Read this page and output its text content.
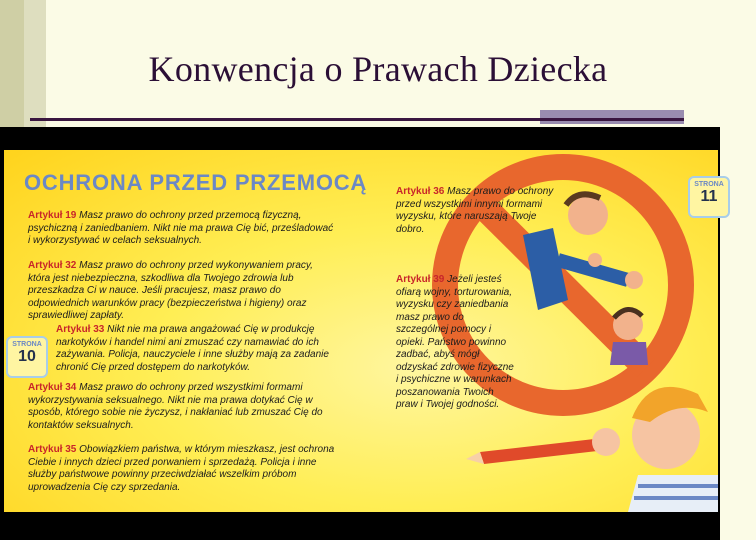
Konwencja o Prawach Dziecka
OCHRONA PRZED PRZEMOCĄ	STRONA
11
STRONA
10
Artykuł 19 Masz prawo do ochrony przed przemocą fizyczną, psychiczną i zaniedbaniem. Nikt nie ma prawa Cię bić, prześladować i wykorzystywać w celach seksualnych.
Artykuł 32 Masz prawo do ochrony przed wykonywaniem pracy, która jest niebezpieczna, szkodliwa dla Twojego zdrowia lub przeszkadza Ci w nauce. Jeśli pracujesz, masz prawo do odpowiednich warunków pracy (bezpieczeństwa i higieny) oraz sprawiedliwej zapłaty.
Artykuł 33 Nikt nie ma prawa angażować Cię w produkcję narkotyków i handel nimi ani zmuszać czy namawiać do ich zażywania. Policja, nauczyciele i inne służby mają za zadanie chronić Cię przed dostępem do narkotyków.
Artykuł 34 Masz prawo do ochrony przed wszystkimi formami wykorzystywania seksualnego. Nikt nie ma prawa dotykać Cię w sposób, którego sobie nie życzysz, i nakłaniać lub zmuszać Cię do kontaktów seksualnych.
Artykuł 35 Obowiązkiem państwa, w którym mieszkasz, jest ochrona Ciebie i innych dzieci przed porwaniem i sprzedażą. Policja i inne służby państwowe powinny przeciwdziałać wszelkim próbom uprowadzenia Cię czy sprzedania.
Artykuł 36 Masz prawo do ochrony przed wszystkimi innymi formami wyzysku, które naruszają Twoje dobro.
Artykuł 39 Jeżeli jesteś ofiarą wojny, torturowania, wyzysku czy zaniedbania masz prawo do szczególnej pomocy i opieki. Państwo powinno zadbać, abyś mógł odzyskać zdrowie fizyczne i psychiczne w warunkach poszanowania Twoich praw i Twojej godności.
